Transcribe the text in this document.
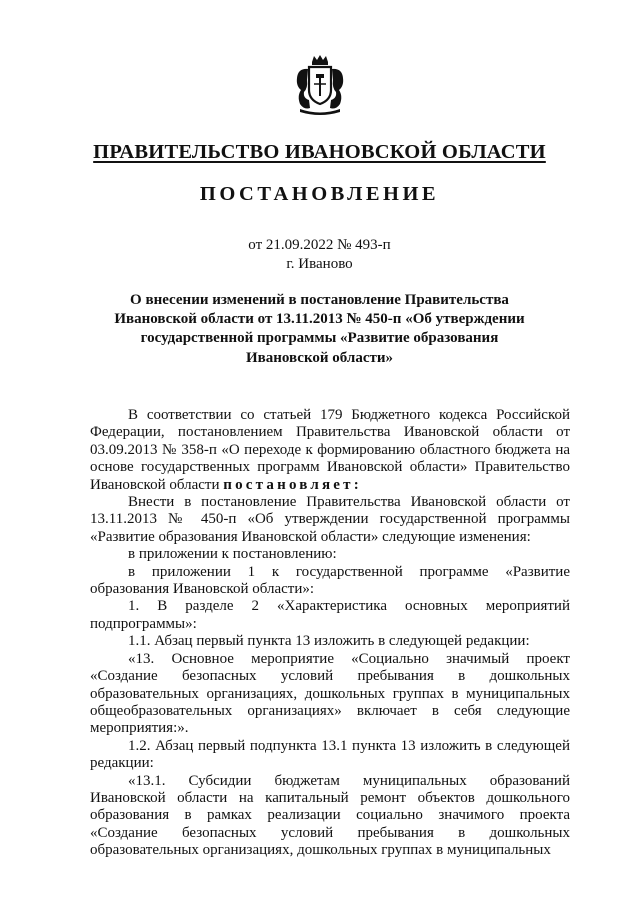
ПРАВИТЕЛЬСТВО ИВАНОВСКОЙ ОБЛАСТИ
ПОСТАНОВЛЕНИЕ
от 21.09.2022 № 493-п
г. Иваново
О внесении изменений в постановление Правительства
Ивановской области от 13.11.2013 № 450-п «Об утверждении
государственной программы «Развитие образования
Ивановской области»

В соответствии со статьей 179 Бюджетного кодекса Российской Федерации, постановлением Правительства Ивановской области от 03.09.2013 № 358-п «О переходе к формированию областного бюджета на основе государственных программ Ивановской области» Правительство Ивановской области постановляет:

Внести в постановление Правительства Ивановской области от 13.11.2013 № 450-п «Об утверждении государственной программы «Развитие образования Ивановской области» следующие изменения:

в приложении к постановлению:

в приложении 1 к государственной программе «Развитие образования Ивановской области»:

1. В разделе 2 «Характеристика основных мероприятий подпрограммы»:

1.1. Абзац первый пункта 13 изложить в следующей редакции:

«13. Основное мероприятие «Социально значимый проект «Создание безопасных условий пребывания в дошкольных образовательных организациях, дошкольных группах в муниципальных общеобразовательных организациях» включает в себя следующие мероприятия:».

1.2. Абзац первый подпункта 13.1 пункта 13 изложить в следующей редакции:

«13.1. Субсидии бюджетам муниципальных образований Ивановской области на капитальный ремонт объектов дошкольного образования в рамках реализации социально значимого проекта «Создание безопасных условий пребывания в дошкольных образовательных организациях, дошкольных группах в муниципальных
